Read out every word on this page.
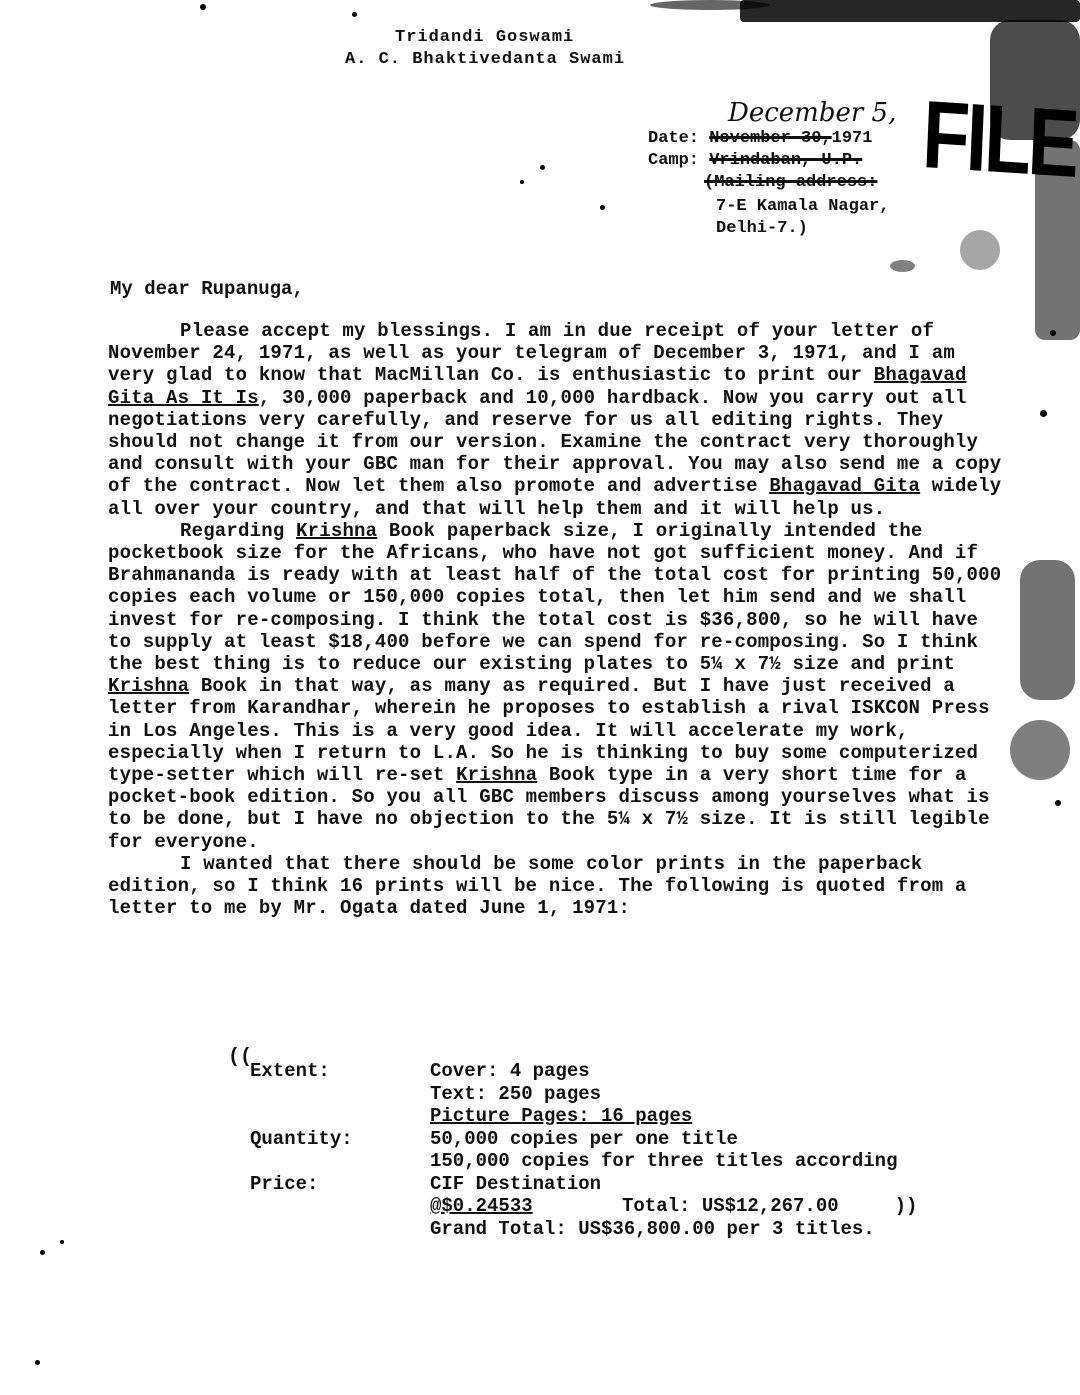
Tridandi Goswami
A. C. Bhaktivedanta Swami
FILE
December 5,
Date: November 30,1971
Camp: Vrindaban, U.P.
(Mailing address:
7-E Kamala Nagar,
Delhi-7.)
My dear Rupanuga,

Please accept my blessings. I am in due receipt of your letter of November 24, 1971, as well as your telegram of December 3, 1971, and I am very glad to know that MacMillan Co. is enthusiastic to print our Bhagavad Gita As It Is, 30,000 paperback and 10,000 hardback. Now you carry out all negotiations very carefully, and reserve for us all editing rights. They should not change it from our version. Examine the contract very thoroughly and consult with your GBC man for their approval. You may also send me a copy of the contract. Now let them also promote and advertise Bhagavad Gita widely all over your country, and that will help them and it will help us.

Regarding Krishna Book paperback size, I originally intended the pocketbook size for the Africans, who have not got sufficient money. And if Brahmananda is ready with at least half of the total cost for printing 50,000 copies each volume or 150,000 copies total, then let him send and we shall invest for re-composing. I think the total cost is $36,800, so he will have to supply at least $18,400 before we can spend for re-composing. So I think the best thing is to reduce our existing plates to 5¼ x 7½ size and print Krishna Book in that way, as many as required. But I have just received a letter from Karandhar, wherein he proposes to establish a rival ISKCON Press in Los Angeles. This is a very good idea. It will accelerate my work, especially when I return to L.A. So he is thinking to buy some computerized type-setter which will re-set Krishna Book type in a very short time for a pocket-book edition. So you all GBC members discuss among yourselves what is to be done, but I have no objection to the 5¼ x 7½ size. It is still legible for everyone.

I wanted that there should be some color prints in the paperback edition, so I think 16 prints will be nice. The following is quoted from a letter to me by Mr. Ogata dated June 1, 1971:

((
Extent:	Cover: 4 pages
Text: 250 pages
Picture Pages: 16 pages
Quantity:	50,000 copies per one title
150,000 copies for three titles according
Price:	CIF Destination
@$0.24533	Total: US$12,267.00	))
Grand Total: US$36,800.00 per 3 titles.
